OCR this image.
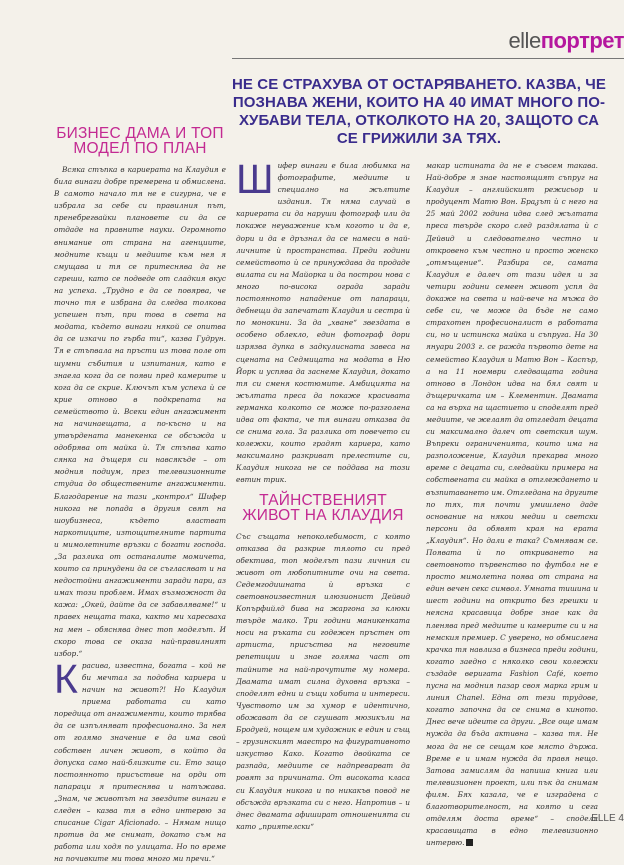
elleпортрет
НЕ СЕ СТРАХУВА ОТ ОСТАРЯВАНЕТО. КАЗВА, ЧЕ ПОЗНАВА ЖЕНИ, КОИТО НА 40 ИМАТ МНОГО ПО-ХУБАВИ ТЕЛА, ОТКОЛКОТО НА 20, ЗАЩОТО СА СЕ ГРИЖИЛИ ЗА ТЯХ.
БИЗНЕС ДАМА И ТОП МОДЕЛ ПО ПЛАН

Всяка стъпка в кариерата на Клаудия е била винаги добре премерена и обмислена. В самото начало тя не е сигурна, че е избрала за себе си правилния път, пренебрегвайки плановете си да се отдаде на правните науки. Огромното внимание от страна на агенциите, модните къщи и медиите към нея я смущава и тя се притеснява да не сгреши, като се подведе от сладкия вкус на успеха. „Трудно е да се повярва, че точно тя е избрана да следва толкова успешен път, при това в света на модата, където винаги някой се опитва да се изкачи по гърба ти“, казва Гудрун. Тя е стъпвала на пръсти из това поле от шумни събития и изпитания, като е знаела кога да се появи пред камерите и кога да се скрие. Ключът към успеха ѝ се крие отново в подкрепата на семейството ѝ. Всеки един ангажимент на начинаещата, а по-късно и на утвърдената манекенка се обсъжда и одобрява от майка ѝ. Тя стъпва като сянка на дъщеря си навсякъде – от модния подиум, през телевизионните студиа до обществените ангажименти. Благодарение на тази „контрол“ Шифер никога не попада в другия свят на шоубизнеса, където властват наркотиците, изтощителните партита и мимолетните връзки с богати господа. „За разлика от останалите момичета, които са принудени да се съгласяват и на недостойни ангажименти заради пари, аз имах този проблем. Имах възможност да кажа: „Окей, дайте да се забавляваме!“ и правех нещата така, както ми харесваха на мен – обяснява днес топ моделът. И скоро това се оказа най-правилният избор.“

Красива, известна, богата – кой не би мечтал за подобна кариера и начин на живот?! Но Клаудия приема работата си като поредица от ангажименти, които трябва да се изпълняват професионално. За нея от голямо значение е да има свой собствен личен живот, в който да допуска само най-близките си. Ето защо постоянното присъствие на орди от папараци я притеснява и натъжава. „Знам, че животът на звездите винаги е следен – казва тя в едно интервю за списание Cigar Aficionado. – Нямам нищо против да ме снимат, докато съм на работа или ходя по улицата. Но по време на почивките ми това много ми пречи.“

Шифер винаги е била любимка на фотографите, медиите и специално на жълтите издания. Тя няма случай в кариерата си да наруши фотограф или да покаже неуважение към когото и да е, дори и да е дръзнал да се намеси в най-личните ѝ пространства. Преди години семейството ѝ се принуждава да продаде вилата си на Майорка и да построи нова с много по-висока ограда заради постоянното нападение от папараци, дебнещи да запечатат Клаудия и сестра ѝ по монокини. За да „хване“ звездата в особено облекло, един фотограф дори изрязва дупка в задкулисната завеса на сцената на Седмицата на модата в Ню Йорк и успява да заснеме Клаудия, докато тя си сменя костюмите. Амбицията на жълтата преса да покаже красивата германка колкото се може по-разголена идва от факта, че тя винаги отказва да се снима гола. За разлика от повечето си колежки, които градят кариера, като максимално разкриват прелестите си, Клаудия никога не се поддава на този евтин трик.

ТАЙНСТВЕНИЯТ ЖИВОТ НА КЛАУДИЯ

Със същата непоколебимост, с която отказва да разкрие тялото си пред обектива, топ моделът пази личния си живот от любопитните очи на света. Седемгодишната ѝ връзка с световноизвестния илюзионист Дейвид Копърфийлд бива на жаргона за клюки твърде малко. Три години маникенката носи на ръката си годежен пръстен от артиста, присъства на неговите репетиции и знае голяма част от тайните на най-прочутите му номера. Двамата имат силна духовна връзка – споделят едни и същи хобита и интереси. Чувството им за хумор е идентично, обожават да се сгушват мюзикъли на Бродуей, нощем им художник е един и същ – грузинският маестро на фигуративното изкуство Како. Когато двойката се разпада, медиите се надпреварват да ровят за причината. От високата класа си Клаудия никога и по никакъв повод не обсъжда връзката си с него. Напротив – и днес двамата афишират отношенията си като „приятелски“

макар истината да не е съвсем такава. Най-добре я знае настоящият съпруг на Клаудия – английският режисьор и продуцент Матю Вон. Браკът ѝ с него на 25 май 2002 година идва след жълтата преса твърде скоро след раздялата ѝ с Дейвид и следователно честно и откровено към честно и просто женско „отмъщение“. Разбира се, самата Клаудия е далеч от тази идея и за четири години семеен живот успя да докаже на света и най-вече на мъжа до себе си, че може да бъде не само страхотен професионалист в работата си, но и истинска майка и съпруга. На 30 януари 2003 г. се ражда първото дете на семейство Клаудия и Матю Вон – Каспър, а на 11 ноември следващата година отново в Лондон идва на бял свят и дъщеричката им – Клементин. Двамата са на върха на щастието и споделят пред медиите, че желаят да отгледат децата си максимално далеч от светския шум. Въпреки ограниченията, които има на разположение, Клаудия прекарва много време с децата си, следвайки примера на собствената си майка в отглеждането и възпитаването им. Отгледана на другите по тях, тя почти умишлено даде основание на някои медии и светски персони да обявят края на ерата „Клаудия“. Но дали е така? Съмнявам се. Появата ѝ по откриването на световното първенство по футбол не е просто мимолетна поява от страна на един вечен секс символ. Умната тишина и шест години на открито без грешки и неясна красавица добре знае как да пленява пред медиите и камерите си и на немския премиер. С уверено, но обмислена крачка тя навлиза в бизнеса преди години, когато заедно с няколко свои колежки създаде веригата Fashion Café, което пусна на модния пазар своя марка грим и линия Chanel. Една от тези трудове, когато започна да се снима в киното. Днес вече идеите са други. „Все още имам нужда да бъда активна – казва тя. Не мога да не се сещам кое място държа. Време е и имам нужда да правя нещо. Затова замислям да напиша книга или телевизионен проект, или пък да снимам филм. Бях казала, че е изградена с благотворителност, на която и сега отделям доста време“ – споделя красавицата в едно телевизионно интервю.

ELLE 4
